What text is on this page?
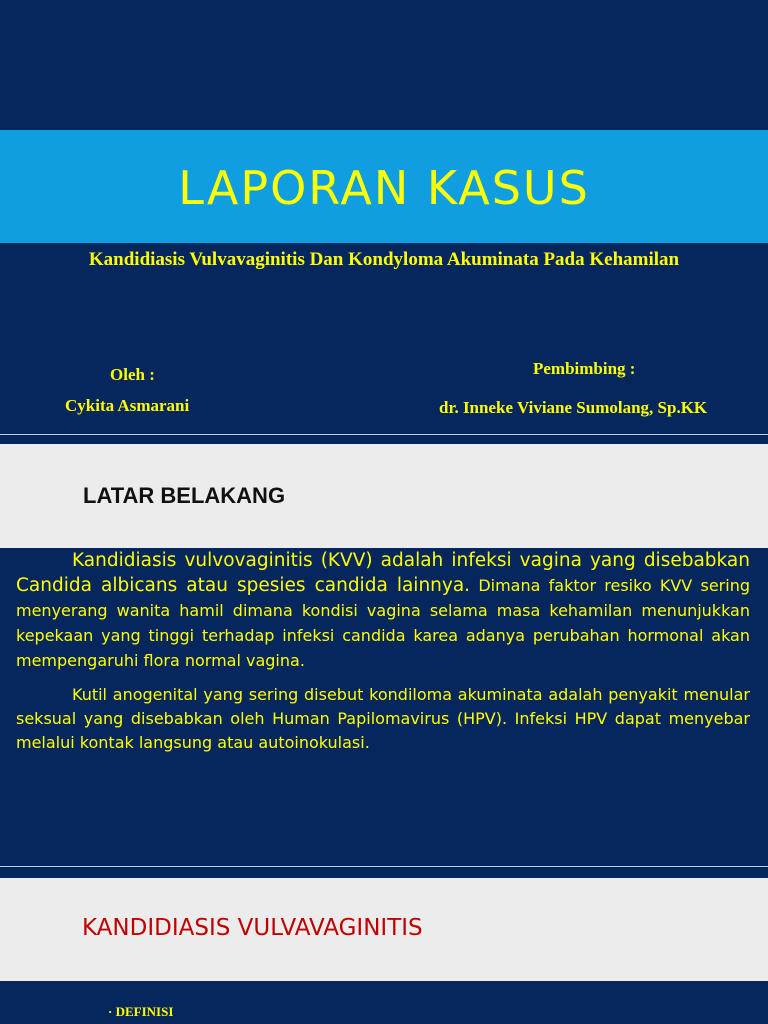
LAPORAN KASUS
Kandidiasis Vulvavaginitis Dan Kondyloma Akuminata Pada Kehamilan
Oleh :
Cykita Asmarani
Pembimbing :
dr. Inneke Viviane Sumolang, Sp.KK
LATAR BELAKANG

Kandidiasis vulvovaginitis (KVV) adalah infeksi vagina yang disebabkan Candida albicans atau spesies candida lainnya. Dimana faktor resiko KVV sering menyerang wanita hamil dimana kondisi vagina selama masa kehamilan menunjukkan kepekaan yang tinggi terhadap infeksi candida karea adanya perubahan hormonal akan mempengaruhi flora normal vagina.

Kutil anogenital yang sering disebut kondiloma akuminata adalah penyakit menular seksual yang disebabkan oleh Human Papilomavirus (HPV). Infeksi HPV dapat menyebar melalui kontak langsung atau autoinokulasi.

KANDIDIASIS VULVAVAGINITIS
· DEFINISI
